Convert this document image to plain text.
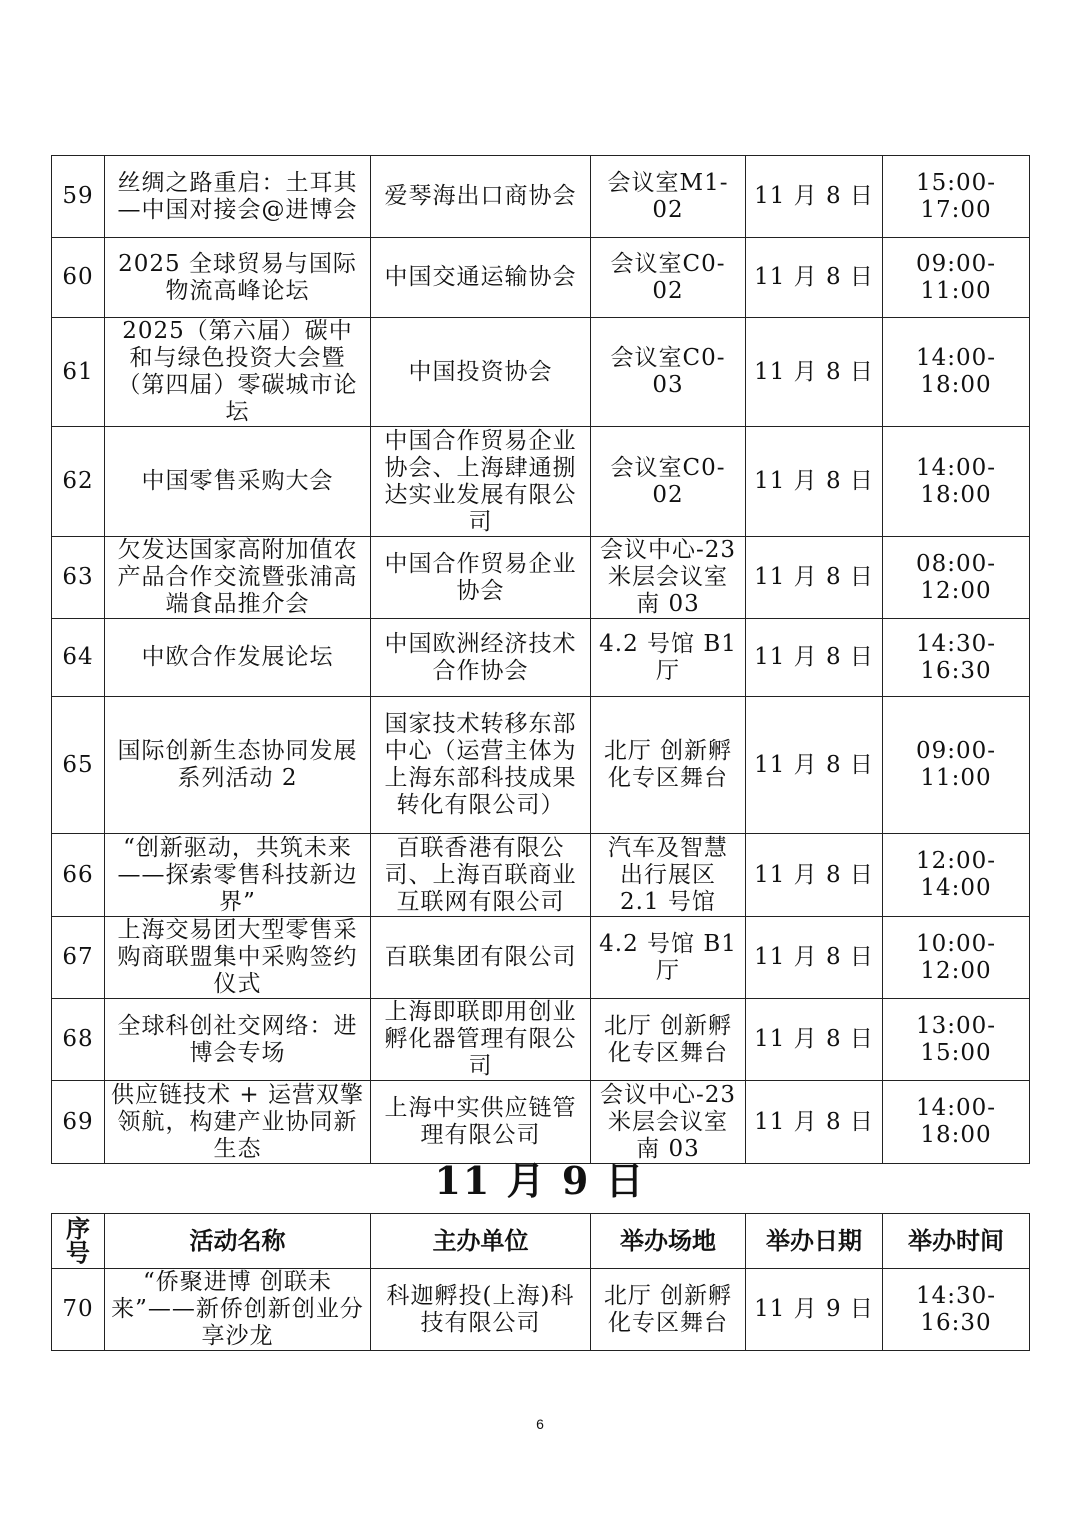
59	丝绸之路重启：土耳其—中国对接会@进博会	爱琴海出口商协会	会议室M1-02	11 月 8 日	15:00-17:00
60	2025 全球贸易与国际物流高峰论坛	中国交通运输协会	会议室C0-02	11 月 8 日	09:00-11:00
61	2025（第六届）碳中和与绿色投资大会暨（第四届）零碳城市论坛	中国投资协会	会议室C0-03	11 月 8 日	14:00-18:00
62	中国零售采购大会	中国合作贸易企业协会、上海肆通捌达实业发展有限公司	会议室C0-02	11 月 8 日	14:00-18:00
63	欠发达国家高附加值农产品合作交流暨张浦高端食品推介会	中国合作贸易企业协会	会议中心-23 米层会议室南 03	11 月 8 日	08:00-12:00
64	中欧合作发展论坛	中国欧洲经济技术合作协会	4.2 号馆 B1 厅	11 月 8 日	14:30-16:30
65	国际创新生态协同发展系列活动 2	国家技术转移东部中心（运营主体为上海东部科技成果转化有限公司）	北厅 创新孵化专区舞台	11 月 8 日	09:00-11:00
66	“创新驱动，共筑未来——探索零售科技新边界”	百联香港有限公司、上海百联商业互联网有限公司	汽车及智慧出行展区 2.1 号馆	11 月 8 日	12:00-14:00
67	上海交易团大型零售采购商联盟集中采购签约仪式	百联集团有限公司	4.2 号馆 B1 厅	11 月 8 日	10:00-12:00
68	全球科创社交网络：进博会专场	上海即联即用创业孵化器管理有限公司	北厅 创新孵化专区舞台	11 月 8 日	13:00-15:00
69	供应链技术 + 运营双擎领航，构建产业协同新生态	上海中实供应链管理有限公司	会议中心-23 米层会议室南 03	11 月 8 日	14:00-18:00
11 月 9 日
序号	活动名称	主办单位	举办场地	举办日期	举办时间
70	“侨聚进博 创联未来”——新侨创新创业分享沙龙	科迦孵投(上海)科技有限公司	北厅 创新孵化专区舞台	11 月 9 日	14:30-16:30
6
